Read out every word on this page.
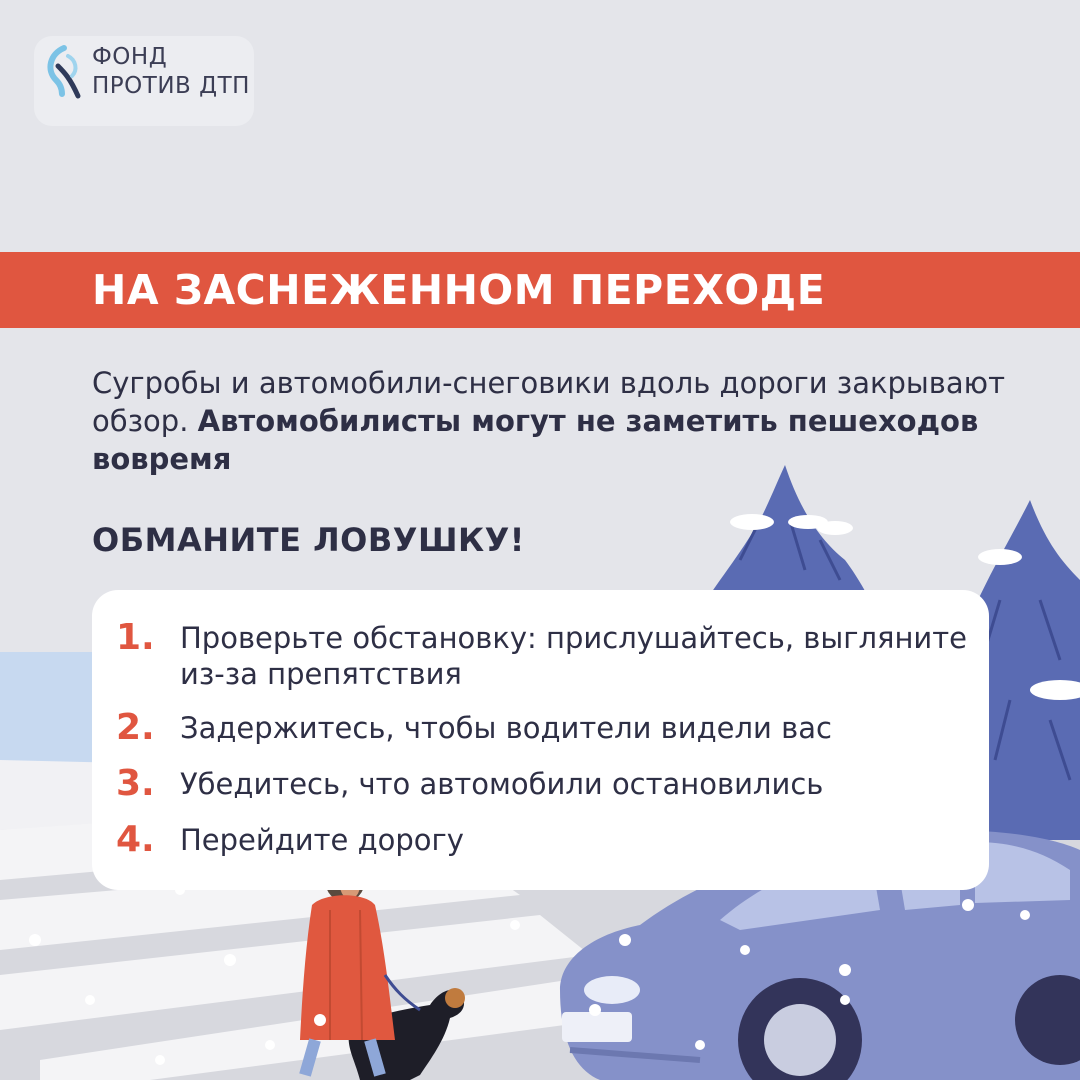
ФОНД
ПРОТИВ ДТП
НА ЗАСНЕЖЕННОМ ПЕРЕХОДЕ
Сугробы и автомобили-снеговики вдоль дороги закрывают обзор. Автомобилисты могут не заметить пешеходов вовремя
ОБМАНИТЕ ЛОВУШКУ!
1. Проверьте обстановку: прислушайтесь, выгляните из-за препятствия
2. Задержитесь, чтобы водители видели вас
3. Убедитесь, что автомобили остановились
4. Перейдите дорогу
